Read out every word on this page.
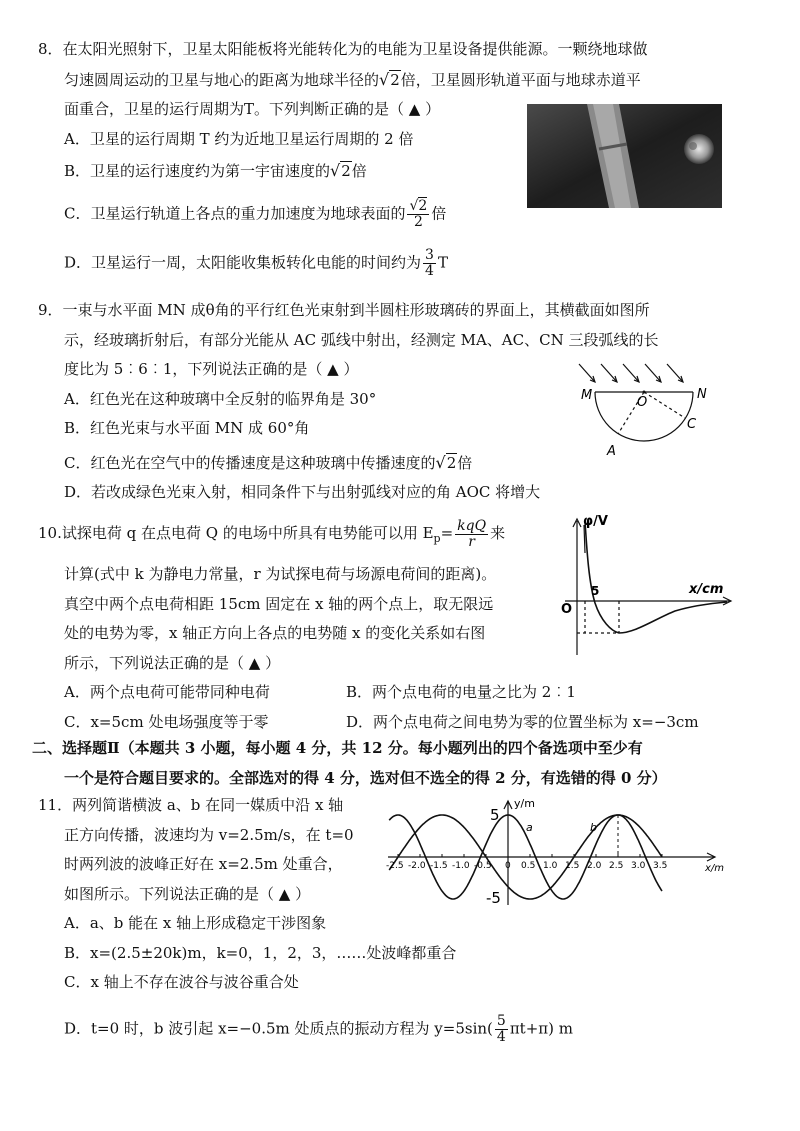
8．在太阳光照射下，卫星太阳能板将光能转化为的电能为卫星设备提供能源。一颗绕地球做
匀速圆周运动的卫星与地心的距离为地球半径的√2倍，卫星圆形轨道平面与地球赤道平
面重合，卫星的运行周期为T。下列判断正确的是（ ▲ ）
A．卫星的运行周期 T 约为近地卫星运行周期的 2 倍
B．卫星的运行速度约为第一宇宙速度的√2倍
C．卫星运行轨道上各点的重力加速度为地球表面的 $\frac{√2}{2}$ 倍
D．卫星运行一周，太阳能收集板转化电能的时间约为 $\frac{3}{4}$ T
9．一束与水平面 MN 成θ角的平行红色光束射到半圆柱形玻璃砖的界面上，其横截面如图所
示，经玻璃折射后，有部分光能从 AC 弧线中射出，经测定 MA、AC、CN 三段弧线的长
度比为 5︰6︰1，下列说法正确的是（ ▲ ）
A．红色光在这种玻璃中全反射的临界角是 30°
B．红色光束与水平面 MN 成 60°角
C．红色光在空气中的传播速度是这种玻璃中传播速度的√2倍
D．若改成绿色光束入射，相同条件下与出射弧线对应的角 AOC 将增大
M	O
N
C
A
10.试探电荷 q 在点电荷 Q 的电场中所具有电势能可以用 $E_p= \frac{\text{kqQ}}{r}$ 来
计算(式中 k 为静电力常量，r 为试探电荷与场源电荷间的距离)。
真空中两个点电荷相距 15cm 固定在 x 轴的两个点上，取无限远
处的电势为零，x 轴正方向上各点的电势随 x 的变化关系如右图
所示，下列说法正确的是（ ▲ ）
A．两个点电荷可能带同种电荷	B．两个点电荷的电量之比为 2︰1
C．x=5cm 处电场强度等于零	D．两个点电荷之间电势为零的位置坐标为 x=−3cm
φ/V
x/cm
5
O
二、选择题Ⅱ（本题共 3 小题，每小题 4 分，共 12 分。每小题列出的四个备选项中至少有
一个是符合题目要求的。全部选对的得 4 分，选对但不选全的得 2 分，有选错的得 0 分）
11．两列简谐横波 a、b 在同一媒质中沿 x 轴
正方向传播，波速均为 v=2.5m/s，在 t=0
时两列波的波峰正好在 x=2.5m 处重合，
如图所示。下列说法正确的是（ ▲ ）
A．a、b 能在 x 轴上形成稳定干涉图象
B．x=(2.5±20k)m，k=0，1，2，3，……处波峰都重合
C．x 轴上不存在波谷与波谷重合处
D．t=0 时，b 波引起 x=−0.5m 处质点的振动方程为 $y=5\sin( \frac{5}{4} \pi t+\pi)$ m
-2.5 -2.0 -1.5 -1.0 -0.5 0 0.5 1.0 1.5 2.0 2.5 3.0 3.5
y/m
x/m
5
-5
a	b
